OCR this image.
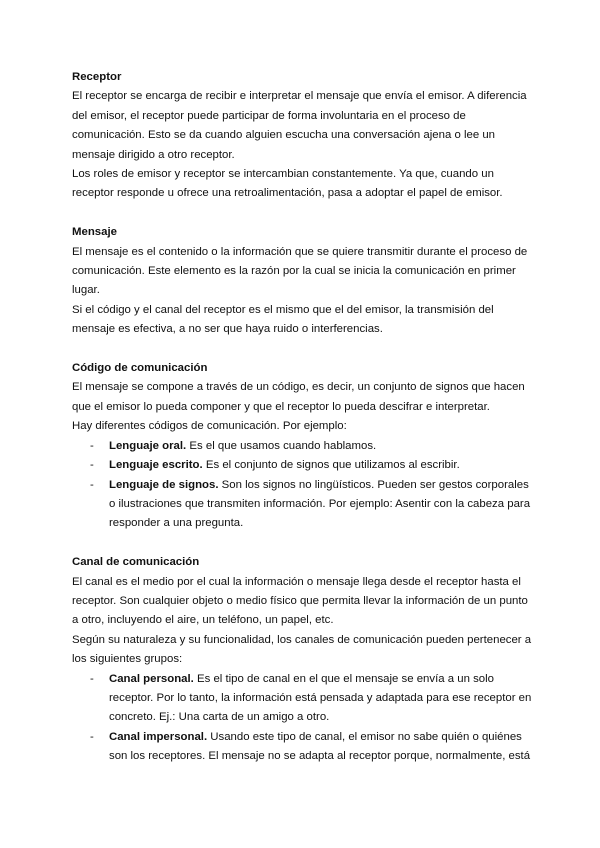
Receptor

El receptor se encarga de recibir e interpretar el mensaje que envía el emisor. A diferencia del emisor, el receptor puede participar de forma involuntaria en el proceso de comunicación. Esto se da cuando alguien escucha una conversación ajena o lee un mensaje dirigido a otro receptor.

Los roles de emisor y receptor se intercambian constantemente. Ya que, cuando un receptor responde u ofrece una retroalimentación, pasa a adoptar el papel de emisor.

Mensaje

El mensaje es el contenido o la información que se quiere transmitir durante el proceso de comunicación. Este elemento es la razón por la cual se inicia la comunicación en primer lugar.

Si el código y el canal del receptor es el mismo que el del emisor, la transmisión del mensaje es efectiva, a no ser que haya ruido o interferencias.

Código de comunicación

El mensaje se compone a través de un código, es decir, un conjunto de signos que hacen que el emisor lo pueda componer y que el receptor lo pueda descifrar e interpretar.

Hay diferentes códigos de comunicación. Por ejemplo:

- Lenguaje oral. Es el que usamos cuando hablamos.
- Lenguaje escrito. Es el conjunto de signos que utilizamos al escribir.
- Lenguaje de signos. Son los signos no lingüísticos. Pueden ser gestos corporales o ilustraciones que transmiten información. Por ejemplo: Asentir con la cabeza para responder a una pregunta.

Canal de comunicación

El canal es el medio por el cual la información o mensaje llega desde el receptor hasta el receptor. Son cualquier objeto o medio físico que permita llevar la información de un punto a otro, incluyendo el aire, un teléfono, un papel, etc.

Según su naturaleza y su funcionalidad, los canales de comunicación pueden pertenecer a los siguientes grupos:

- Canal personal. Es el tipo de canal en el que el mensaje se envía a un solo receptor. Por lo tanto, la información está pensada y adaptada para ese receptor en concreto. Ej.: Una carta de un amigo a otro.
- Canal impersonal. Usando este tipo de canal, el emisor no sabe quién o quiénes son los receptores. El mensaje no se adapta al receptor porque, normalmente, está
